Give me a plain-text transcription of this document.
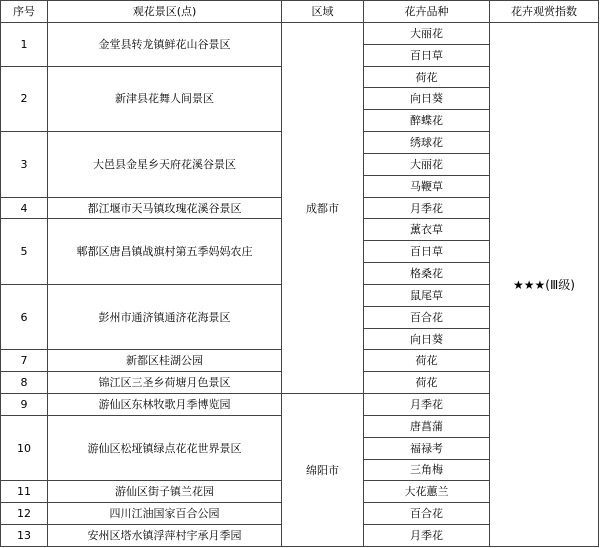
序号	观花景区(点)	区域	花卉品种	花卉观赏指数
1	金堂县转龙镇鲜花山谷景区	成都市	大丽花	★★★(Ⅲ级)
			百日草	
2	新津县花舞人间景区		荷花	
			向日葵	
			醉蝶花	
3	大邑县金星乡天府花溪谷景区		绣球花	
			大丽花	
			马鞭草	
4	都江堰市天马镇玫瑰花溪谷景区		月季花	
5	郫都区唐昌镇战旗村第五季妈妈农庄		薰衣草	
			百日草	
			格桑花	
6	彭州市通济镇通济花海景区		鼠尾草	
			百合花	
			向日葵	
7	新都区桂湖公园		荷花	
8	锦江区三圣乡荷塘月色景区		荷花	
9	游仙区东林牧歌月季博览园	绵阳市	月季花	
10	游仙区松垭镇绿点花花世界景区		唐菖蒲	
			福禄考	
			三角梅	
11	游仙区街子镇兰花园		大花蕙兰	
12	四川江油国家百合公园		百合花	
13	安州区塔水镇浮萍村宇承月季园		月季花	
